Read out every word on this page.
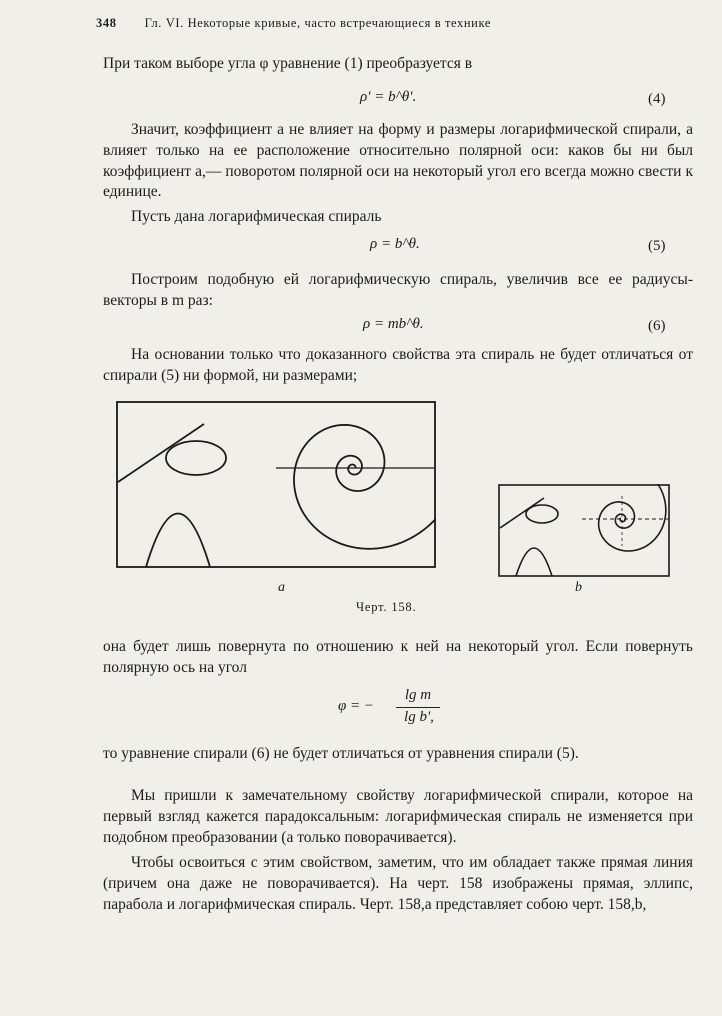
348 Гл. VI. Некоторые кривые, часто встречающиеся в технике
При таком выборе угла φ уравнение (1) преобразуется в
ρ′ = b^θ′.	(4)
Значит, коэффициент a не влияет на форму и размеры логарифмической спирали, а влияет только на ее расположение относительно полярной оси: каков бы ни был коэффициент a,— поворотом полярной оси на некоторый угол его всегда можно свести к единице.
Пусть дана логарифмическая спираль
ρ = b^θ.	(5)
Построим подобную ей логарифмическую спираль, увеличив все ее радиусы-векторы в m раз:
ρ = mb^θ.	(6)
На основании только что доказанного свойства эта спираль не будет отличаться от спирали (5) ни формой, ни размерами;
a	b
Черт. 158.
она будет лишь повернута по отношению к ней на некоторый угол. Если повернуть полярную ось на угол
φ = −
lg m
lg b',
то уравнение спирали (6) не будет отличаться от уравнения спирали (5).
Мы пришли к замечательному свойству логарифмической спирали, которое на первый взгляд кажется парадоксальным: логарифмическая спираль не изменяется при подобном преобразовании (а только поворачивается).
Чтобы освоиться с этим свойством, заметим, что им обладает также прямая линия (причем она даже не поворачивается). На черт. 158 изображены прямая, эллипс, парабола и логарифмическая спираль. Черт. 158,a представляет собою черт. 158,b,
